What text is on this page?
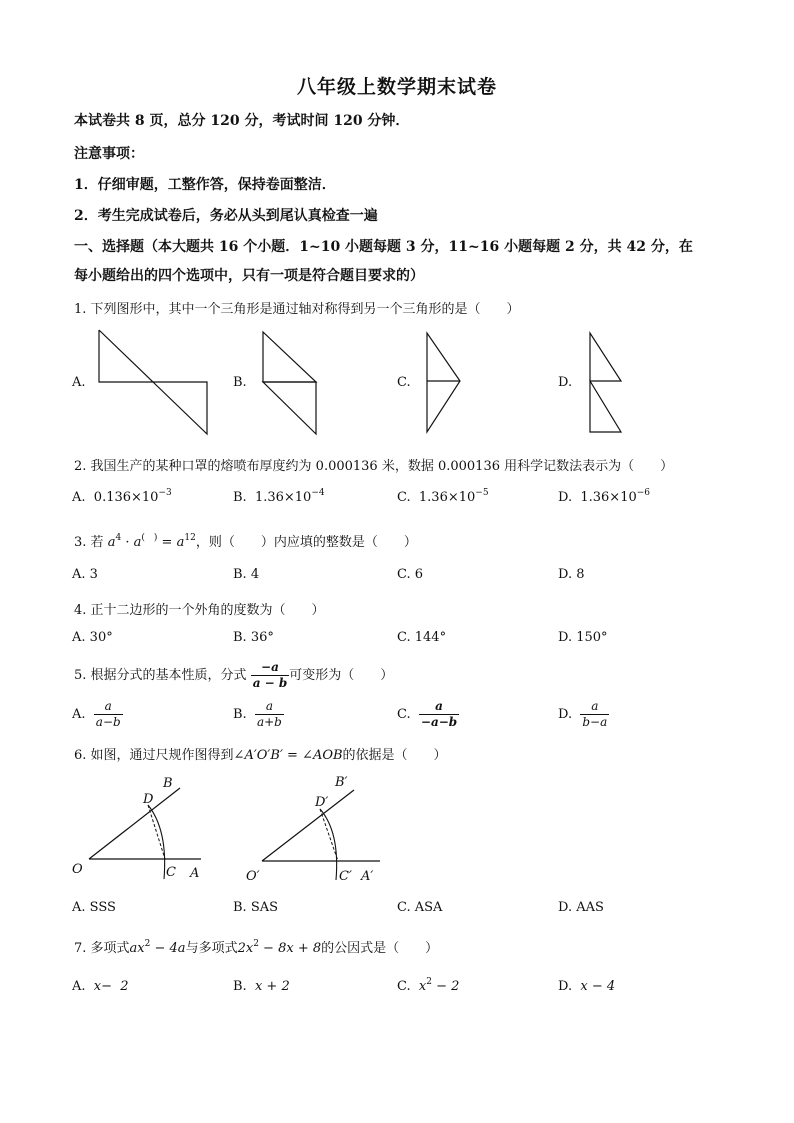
八年级上数学期末试卷
本试卷共 8 页，总分 120 分，考试时间 120 分钟．
注意事项：
1．仔细审题，工整作答，保持卷面整洁．
2．考生完成试卷后，务必从头到尾认真检查一遍
一、选择题（本大题共 16 个小题．1~10 小题每题 3 分，11~16 小题每题 2 分，共 42 分，在
每小题给出的四个选项中，只有一项是符合题目要求的）
1. 下列图形中，其中一个三角形是通过轴对称得到另一个三角形的是（　　）
A.	B.	C.	D.
2. 我国生产的某种口罩的熔喷布厚度约为 0.000136 米，数据 0.000136 用科学记数法表示为（　　）
A. $0.136\times 10^{-3}$	B. $1.36\times 10^{-4}$	C. $1.36\times 10^{-5}$	D. $1.36\times 10^{-6}$
3. 若 $a^4 \cdot a^{( )} = a^{12}$，则（　　）内应填的整数是（　　）
A. 3	B. 4	C. 6	D. 8
4. 正十二边形的一个外角的度数为（　　）
A. 30°	B. 36°	C. 144°	D. 150°
5. 根据分式的基本性质，分式 $\frac{-a}{a - b}$ 可变形为（　　）
A. $\frac{a}{a-b}$	B. $\frac{a}{a+b}$	C. $\frac{a}{-a-b}$	D. $\frac{a}{b-a}$
6. 如图，通过尺规作图得到∠A′O′B′ = ∠AOB的依据是（　　）
B
D
O	C A
B′
D′
O′	C′ A′
A. SSS	B. SAS	C. ASA	D. AAS
7. 多项式$ax^2 - 4a$与多项式$2x^2 - 8x + 8$的公因式是（　　）
A. x−  2	B. x + 2	C. $x^2 - 2$	D. x − 4
